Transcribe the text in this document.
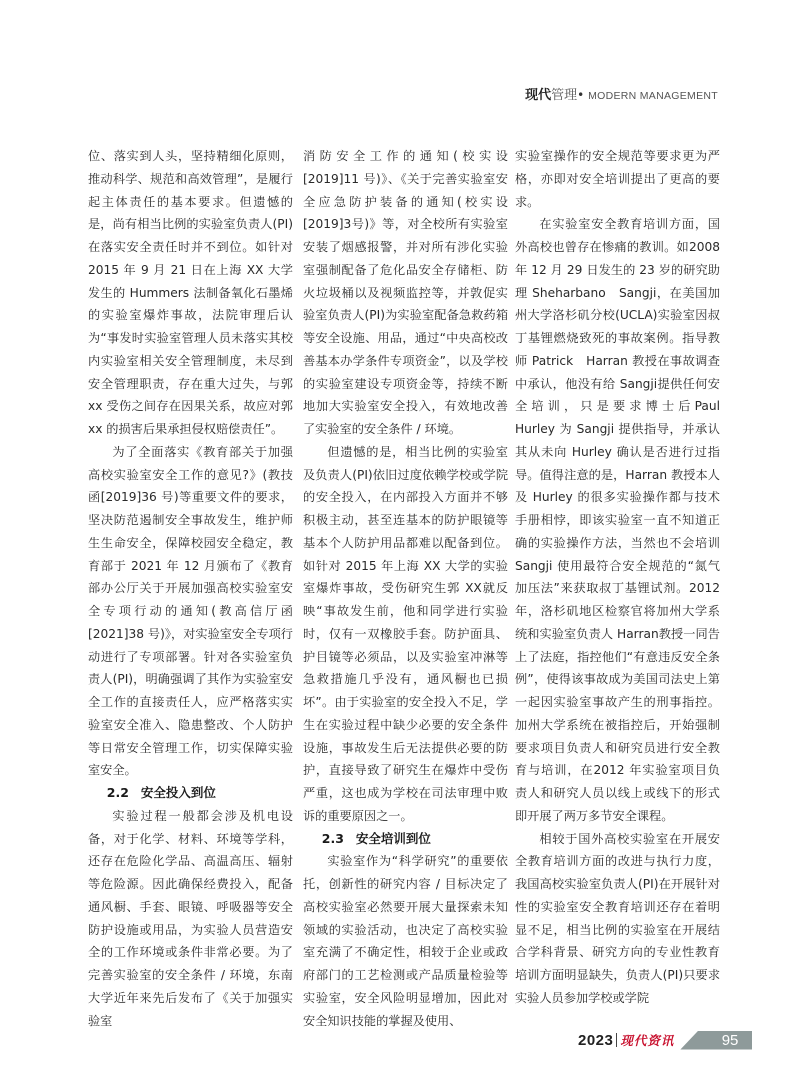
现代管理• MODERN MANAGEMENT

位、落实到人头，坚持精细化原则，推动科学、规范和高效管理”，是履行起主体责任的基本要求。但遗憾的是，尚有相当比例的实验室负责人(PI)在落实安全责任时并不到位。如针对2015 年 9 月 21 日在上海 XX 大学发生的 Hummers 法制备氧化石墨烯的实验室爆炸事故，法院审理后认为“事发时实验室管理人员未落实其校内实验室相关安全管理制度，未尽到安全管理职责，存在重大过失，与郭 xx 受伤之间存在因果关系，故应对郭 xx 的损害后果承担侵权赔偿责任”。

为了全面落实《教育部关于加强高校实验室安全工作的意见?》(教技函[2019]36 号)等重要文件的要求，坚决防范遏制安全事故发生，维护师生生命安全，保障校园安全稳定，教育部于 2021 年 12 月颁布了《教育部办公厅关于开展加强高校实验室安全专项行动的通知(教高信厅函[2021]38 号)》，对实验室安全专项行动进行了专项部署。针对各实验室负责人(PI)，明确强调了其作为实验室安全工作的直接责任人，应严格落实实验室安全准入、隐患整改、个人防护等日常安全管理工作，切实保障实验室安全。

2.2 安全投入到位

实验过程一般都会涉及机电设备，对于化学、材料、环境等学科，还存在危险化学品、高温高压、辐射等危险源。因此确保经费投入，配备通风橱、手套、眼镜、呼吸器等安全防护设施或用品，为实验人员营造安全的工作环境或条件非常必要。为了完善实验室的安全条件 / 环境，东南大学近年来先后发布了《关于加强实验室

消防安全工作的通知(校实设[2019]11 号)》、《关于完善实验室安全应急防护装备的通知(校实设[2019]3号)》等，对全校所有实验室安装了烟感报警，并对所有涉化实验室强制配备了危化品安全存储柜、防火垃圾桶以及视频监控等，并敦促实验室负责人(PI)为实验室配备急救药箱等安全设施、用品，通过“中央高校改善基本办学条件专项资金”，以及学校的实验室建设专项资金等，持续不断地加大实验室安全投入，有效地改善了实验室的安全条件 / 环境。

但遗憾的是，相当比例的实验室及负责人(PI)依旧过度依赖学校或学院的安全投入，在内部投入方面并不够积极主动，甚至连基本的防护眼镜等基本个人防护用品都难以配备到位。如针对 2015 年上海 XX 大学的实验室爆炸事故，受伤研究生郭 XX就反映“事故发生前，他和同学进行实验时，仅有一双橡胶手套。防护面具、护目镜等必须品，以及实验室冲淋等急救措施几乎没有，通风橱也已损坏”。由于实验室的安全投入不足，学生在实验过程中缺少必要的安全条件设施，事故发生后无法提供必要的防护，直接导致了研究生在爆炸中受伤严重，这也成为学校在司法审理中败诉的重要原因之一。

2.3 安全培训到位

实验室作为“科学研究”的重要依托，创新性的研究内容 / 目标决定了高校实验室必然要开展大量探索未知领域的实验活动，也决定了高校实验室充满了不确定性，相较于企业或政府部门的工艺检测或产品质量检验等实验室，安全风险明显增加，因此对安全知识技能的掌握及使用、

实验室操作的安全规范等要求更为严格，亦即对安全培训提出了更高的要求。

在实验室安全教育培训方面，国外高校也曾存在惨痛的教训。如2008 年 12 月 29 日发生的 23 岁的研究助理 Sheharbano　Sangji，在美国加州大学洛杉矶分校(UCLA)实验室因叔丁基锂燃烧致死的事故案例。指导教师 Patrick　Harran 教授在事故调查中承认，他没有给 Sangji提供任何安全培训，只是要求博士后Paul　Hurley 为 Sangji 提供指导，并承认其从未向 Hurley 确认是否进行过指导。值得注意的是，Harran 教授本人及 Hurley 的很多实验操作都与技术手册相悖，即该实验室一直不知道正确的实验操作方法，当然也不会培训 Sangji 使用最符合安全规范的“氮气加压法”来获取叔丁基锂试剂。2012 年，洛杉矶地区检察官将加州大学系统和实验室负责人 Harran教授一同告上了法庭，指控他们“有意违反安全条例”，使得该事故成为美国司法史上第一起因实验室事故产生的刑事指控。加州大学系统在被指控后，开始强制要求项目负责人和研究员进行安全教育与培训，在2012 年实验室项目负责人和研究人员以线上或线下的形式即开展了两万多节安全课程。

相较于国外高校实验室在开展安全教育培训方面的改进与执行力度，我国高校实验室负责人(PI)在开展针对性的实验室安全教育培训还存在着明显不足，相当比例的实验室在开展结合学科背景、研究方向的专业性教育培训方面明显缺失，负责人(PI)只要求实验人员参加学校或学院

2023 现代资讯	95
